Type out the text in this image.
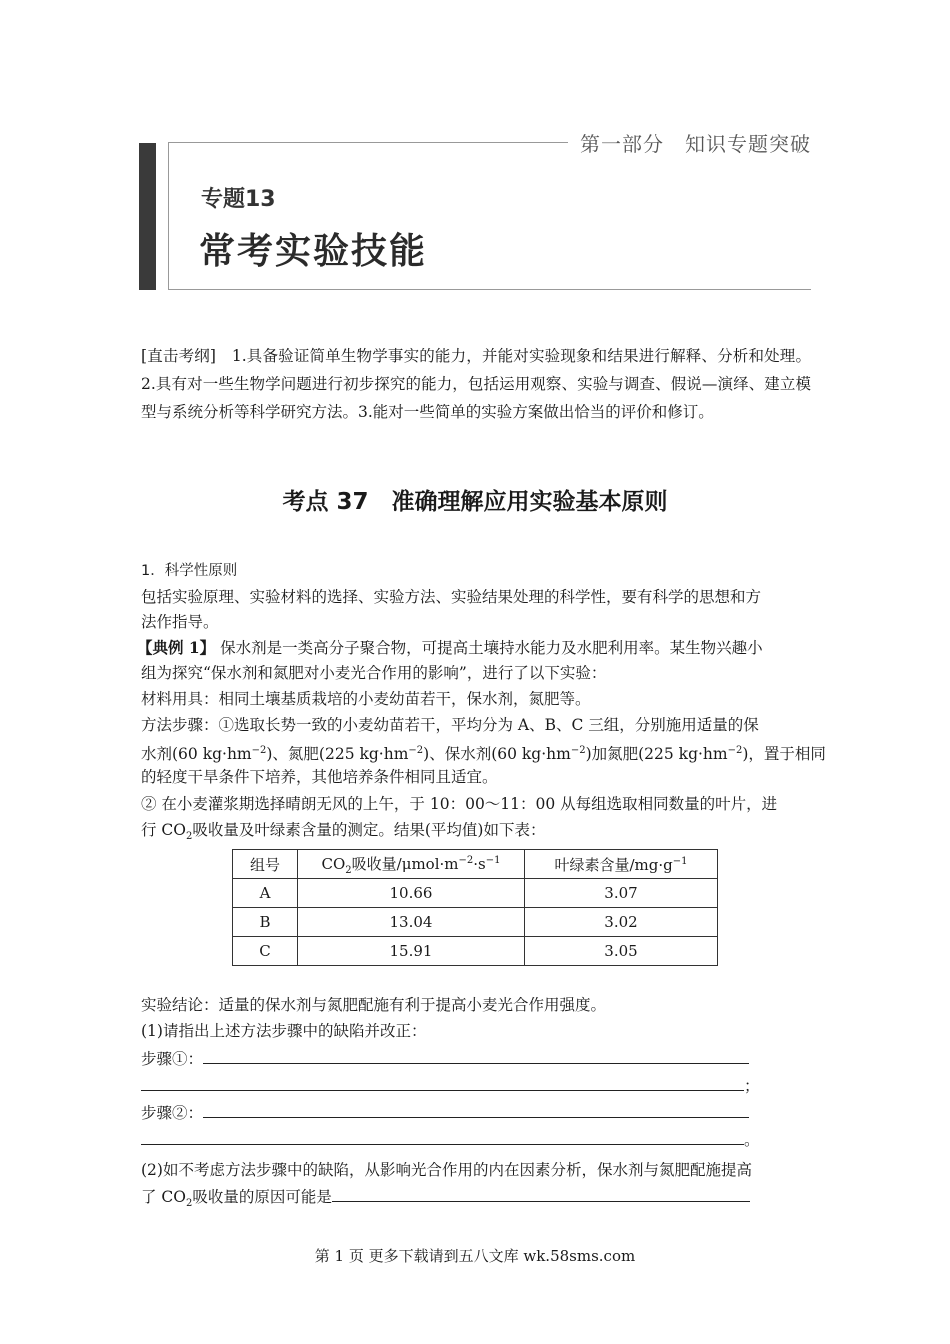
第一部分　知识专题突破
专题13
常考实验技能
[直击考纲]　 1.具备验证简单生物学事实的能力，并能对实验现象和结果进行解释、分析和处理。2.具有对一些生物学问题进行初步探究的能力，包括运用观察、实验与调查、假说—演绎、建立模型与系统分析等科学研究方法。3.能对一些简单的实验方案做出恰当的评价和修订。
考点 37　准确理解应用实验基本原则
1．科学性原则
包括实验原理、实验材料的选择、实验方法、实验结果处理的科学性，要有科学的思想和方
法作指导。
【典例 1】 保水剂是一类高分子聚合物，可提高土壤持水能力及水肥利用率。某生物兴趣小
组为探究“保水剂和氮肥对小麦光合作用的影响”，进行了以下实验：
材料用具：相同土壤基质栽培的小麦幼苗若干，保水剂，氮肥等。
方法步骤：①选取长势一致的小麦幼苗若干，平均分为 A、B、C 三组，分别施用适量的保
水剂(60 $kg\cdot hm^{-2}$)、氮肥(225 $kg\cdot hm^{-2}$)、保水剂(60 $kg\cdot hm^{-2}$)加氮肥(225 $kg\cdot hm^{-2}$)，置于相同
的轻度干旱条件下培养，其他培养条件相同且适宜。
② 在小麦灌浆期选择晴朗无风的上午，于 10：00～11：00 从每组选取相同数量的叶片，进
行 $CO_2$吸收量及叶绿素含量的测定。结果(平均值)如下表：
组号	$CO_2$吸收量$/\mu mol\cdot m^{-2}\cdot s^{-1}$	叶绿素含量$/mg\cdot g^{-1}$
A	10.66	3.07
B	13.04	3.02
C	15.91	3.05
实验结论：适量的保水剂与氮肥配施有利于提高小麦光合作用强度。
(1)请指出上述方法步骤中的缺陷并改正：
步骤①：
；
步骤②：
。
(2)如不考虑方法步骤中的缺陷，从影响光合作用的内在因素分析，保水剂与氮肥配施提高
了 $CO_2$吸收量的原因可能是
第 1 页 更多下载请到五八文库 wk.58sms.com
